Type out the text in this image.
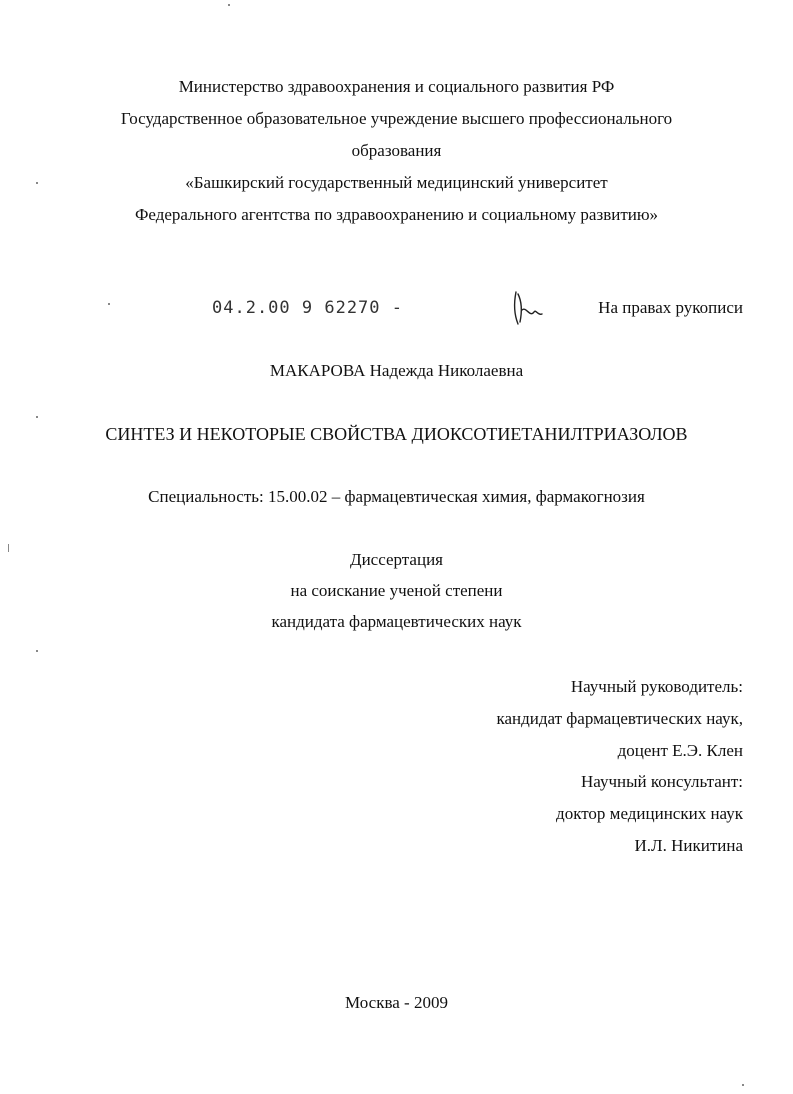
Министерство здравоохранения и социального развития РФ
Государственное образовательное учреждение высшего профессионального
образования
«Башкирский государственный медицинский университет
Федерального агентства по здравоохранению и социальному развитию»
04.2.00 9 62270 -	На правах рукописи
МАКАРОВА Надежда Николаевна
СИНТЕЗ И НЕКОТОРЫЕ СВОЙСТВА ДИОКСОТИЕТАНИЛТРИАЗОЛОВ
Специальность: 15.00.02 – фармацевтическая химия, фармакогнозия
Диссертация
на соискание ученой степени
кандидата фармацевтических наук
Научный руководитель:
кандидат фармацевтических наук,
доцент Е.Э. Клен
Научный консультант:
доктор медицинских наук
И.Л. Никитина
Москва - 2009
